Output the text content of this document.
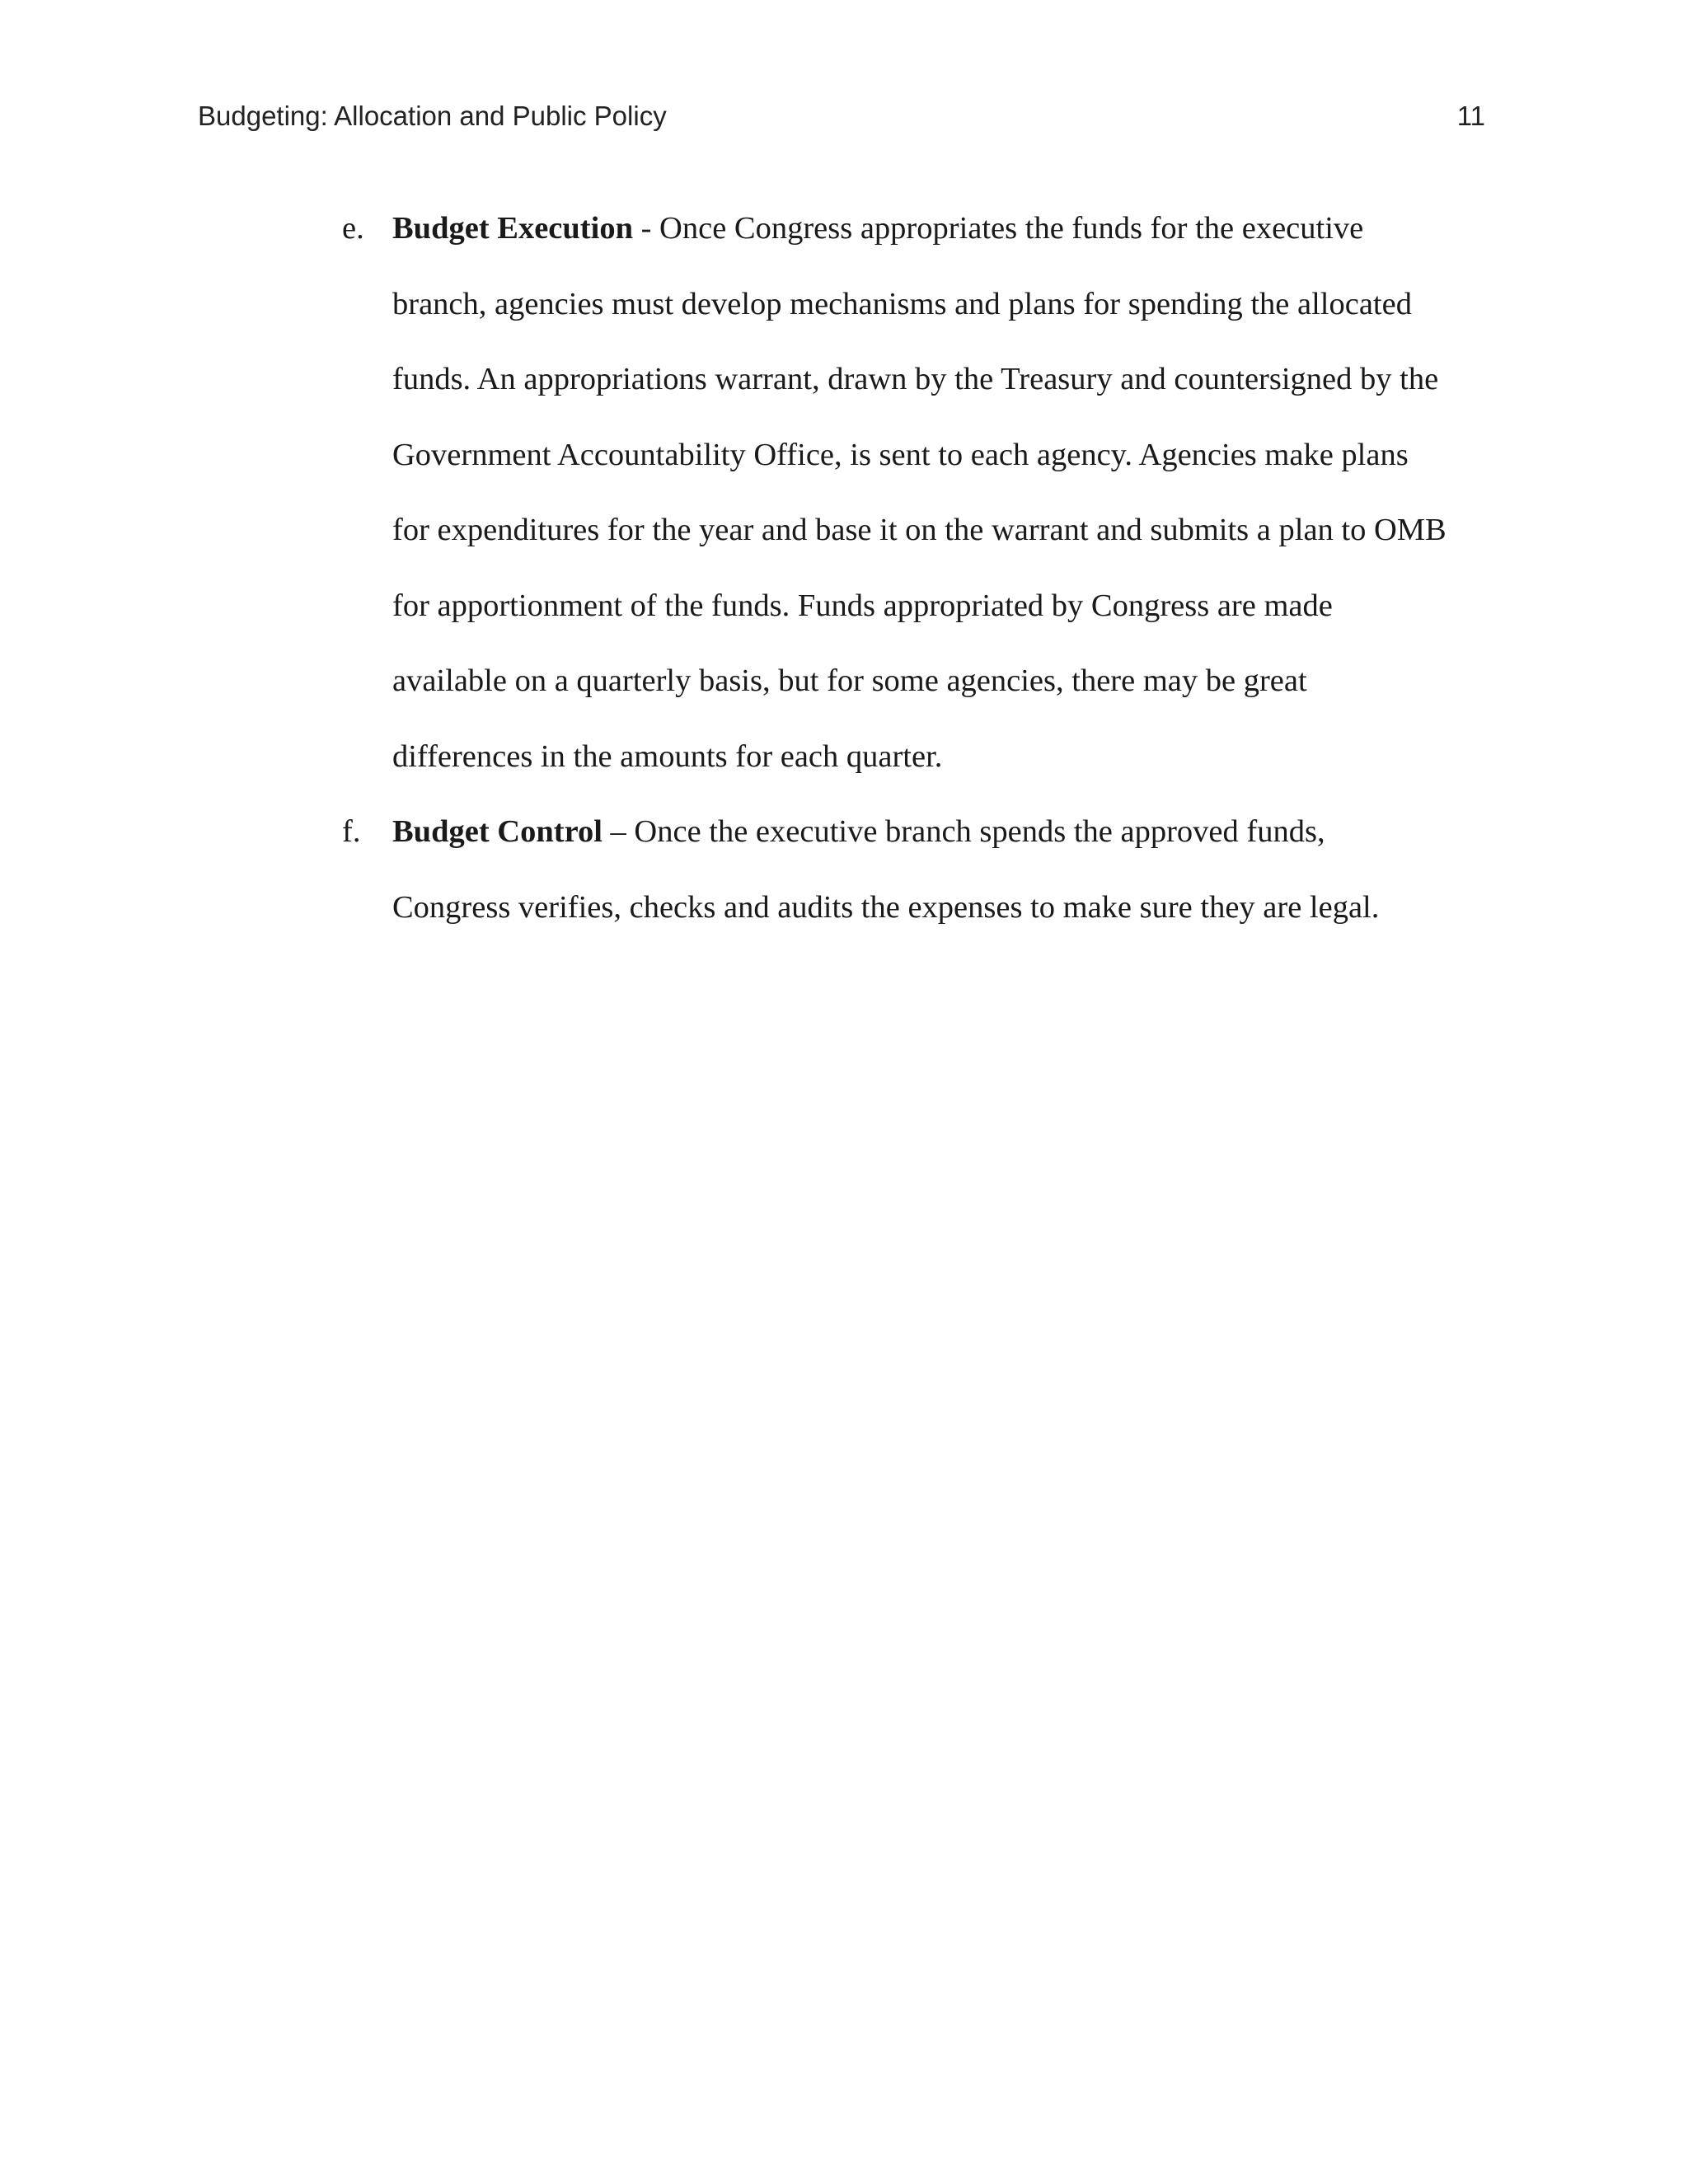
Budgeting: Allocation and Public Policy	11
e. Budget Execution - Once Congress appropriates the funds for the executive branch, agencies must develop mechanisms and plans for spending the allocated funds. An appropriations warrant, drawn by the Treasury and countersigned by the Government Accountability Office, is sent to each agency. Agencies make plans for expenditures for the year and base it on the warrant and submits a plan to OMB for apportionment of the funds. Funds appropriated by Congress are made available on a quarterly basis, but for some agencies, there may be great differences in the amounts for each quarter.

f. Budget Control – Once the executive branch spends the approved funds, Congress verifies, checks and audits the expenses to make sure they are legal.
